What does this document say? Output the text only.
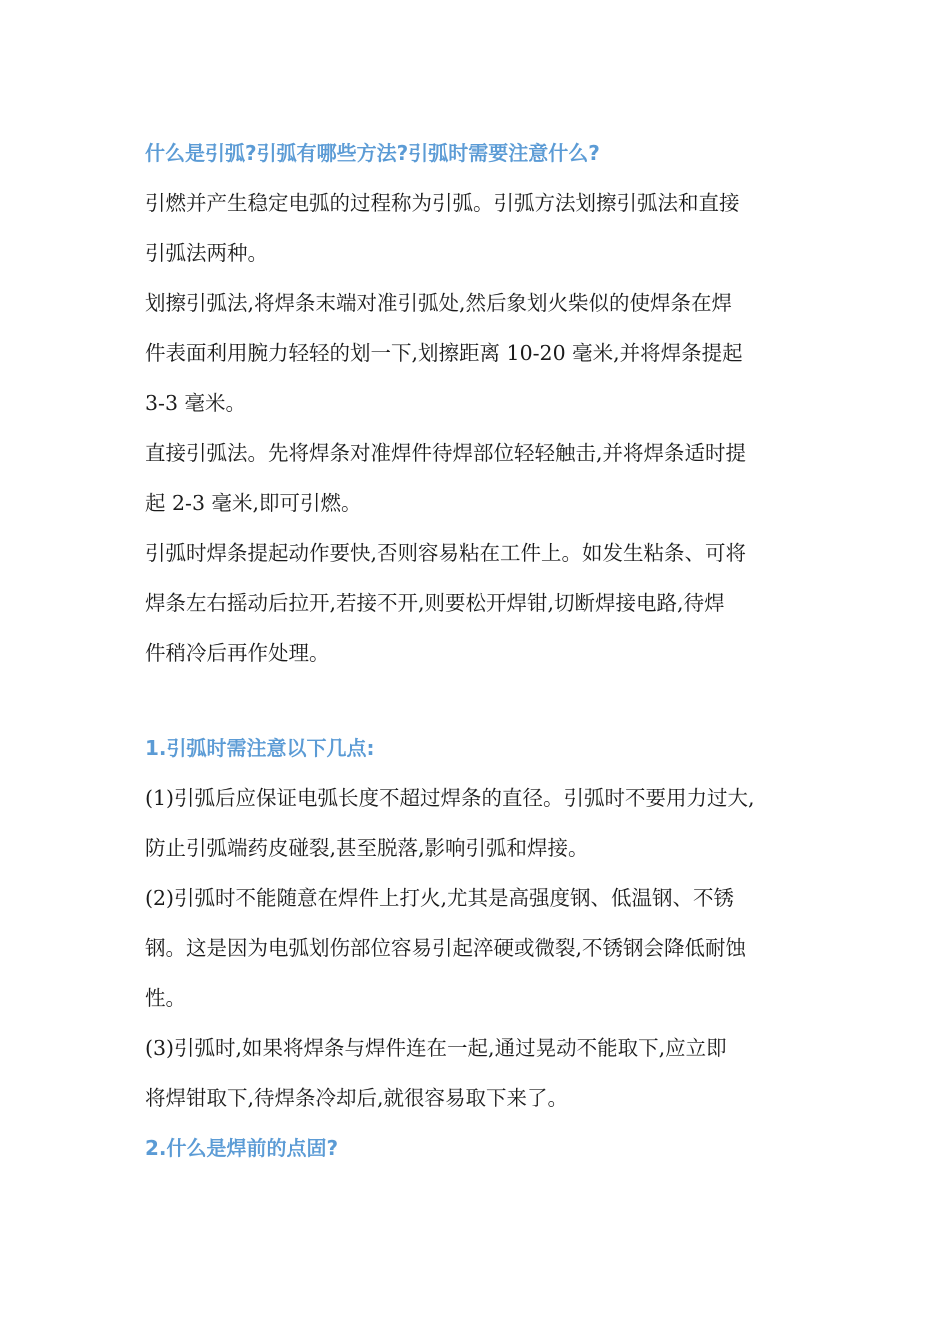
什么是引弧?引弧有哪些方法?引弧时需要注意什么?
引燃并产生稳定电弧的过程称为引弧。引弧方法划擦引弧法和直接
引弧法两种。
划擦引弧法,将焊条末端对准引弧处,然后象划火柴似的使焊条在焊
件表面利用腕力轻轻的划一下,划擦距离 10-20 毫米,并将焊条提起
3-3 毫米。
直接引弧法。先将焊条对准焊件待焊部位轻轻触击,并将焊条适时提
起 2-3 毫米,即可引燃。
引弧时焊条提起动作要快,否则容易粘在工件上。如发生粘条、可将
焊条左右摇动后拉开,若接不开,则要松开焊钳,切断焊接电路,待焊
件稍冷后再作处理。
1.引弧时需注意以下几点:
(1)引弧后应保证电弧长度不超过焊条的直径。引弧时不要用力过大,
防止引弧端药皮碰裂,甚至脱落,影响引弧和焊接。
(2)引弧时不能随意在焊件上打火,尤其是高强度钢、低温钢、不锈
钢。这是因为电弧划伤部位容易引起淬硬或微裂,不锈钢会降低耐蚀
性。
(3)引弧时,如果将焊条与焊件连在一起,通过晃动不能取下,应立即
将焊钳取下,待焊条冷却后,就很容易取下来了。
2.什么是焊前的点固?
